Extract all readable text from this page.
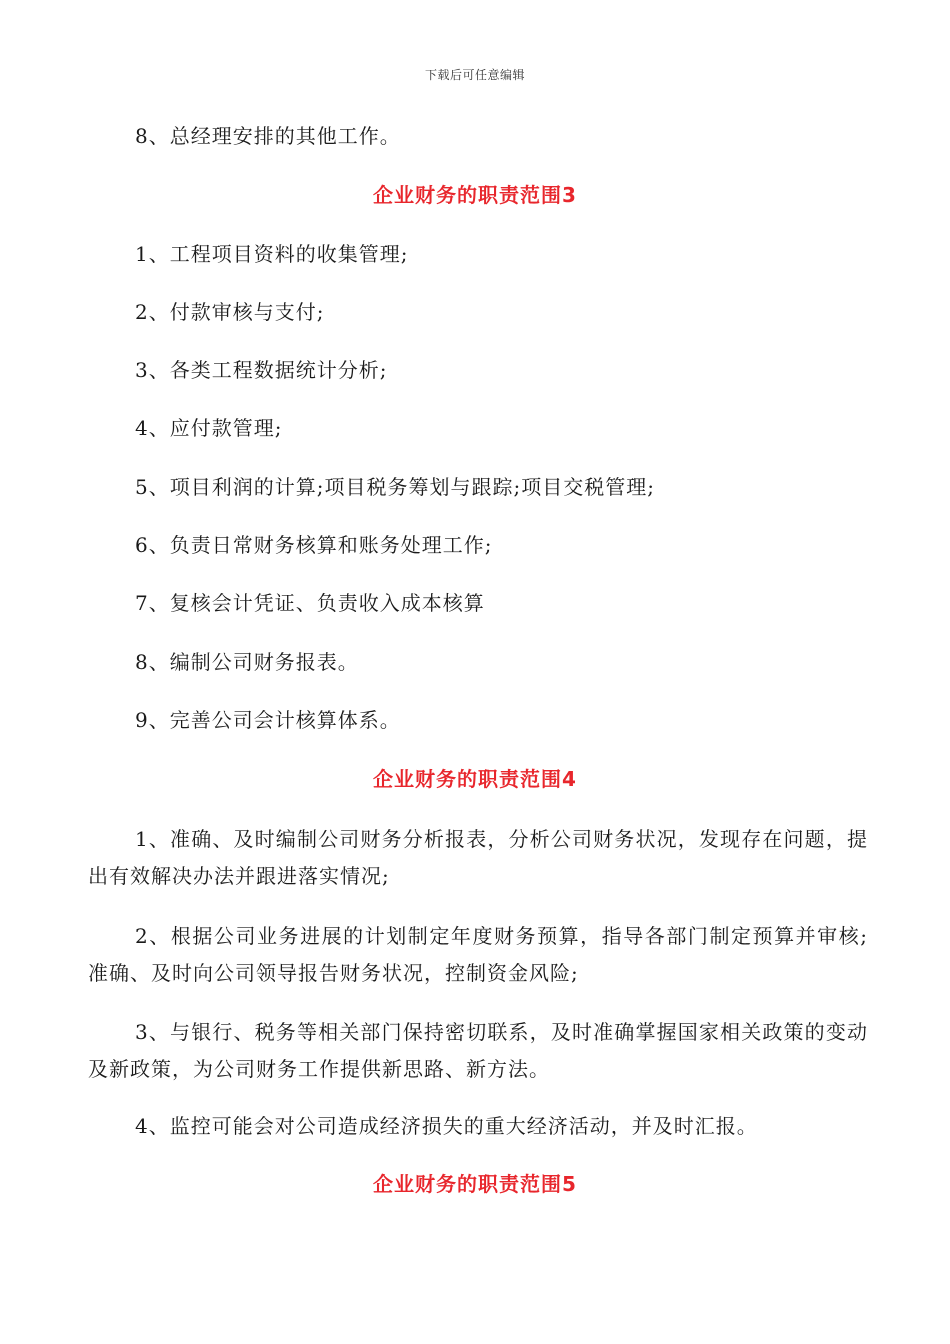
下载后可任意编辑
8、总经理安排的其他工作。
企业财务的职责范围3
1、工程项目资料的收集管理;
2、付款审核与支付;
3、各类工程数据统计分析;
4、应付款管理;
5、项目利润的计算;项目税务筹划与跟踪;项目交税管理;
6、负责日常财务核算和账务处理工作;
7、复核会计凭证、负责收入成本核算
8、编制公司财务报表。
9、完善公司会计核算体系。
企业财务的职责范围4
1、准确、及时编制公司财务分析报表，分析公司财务状况，发现存在问题，提出有效解决办法并跟进落实情况;
2、根据公司业务进展的计划制定年度财务预算，指导各部门制定预算并审核;准确、及时向公司领导报告财务状况，控制资金风险;
3、与银行、税务等相关部门保持密切联系，及时准确掌握国家相关政策的变动及新政策，为公司财务工作提供新思路、新方法。
4、监控可能会对公司造成经济损失的重大经济活动，并及时汇报。
企业财务的职责范围5
